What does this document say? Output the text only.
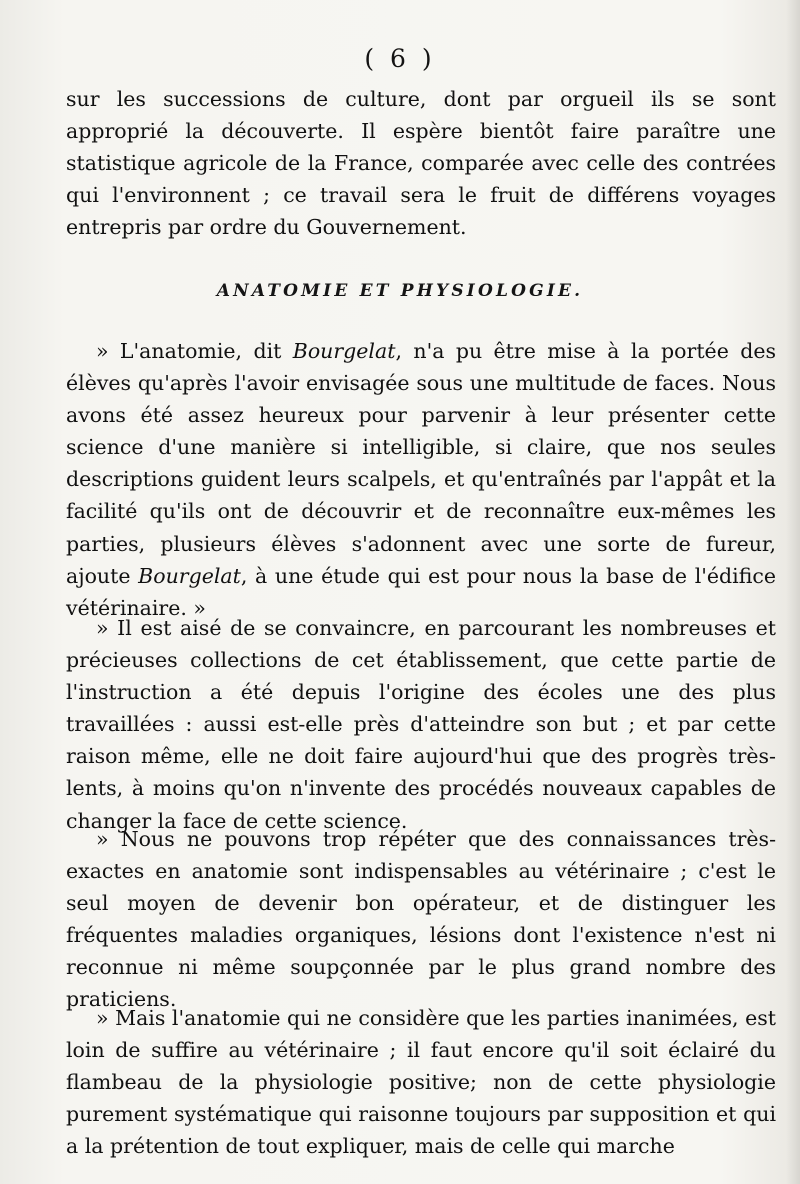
( 6 )

sur les successions de culture, dont par orgueil ils se sont approprié la découverte. Il espère bientôt faire paraître une statistique agricole de la France, comparée avec celle des contrées qui l'environnent ; ce travail sera le fruit de différens voyages entrepris par ordre du Gouvernement.

ANATOMIE ET PHYSIOLOGIE.

» L'anatomie, dit Bourgelat, n'a pu être mise à la portée des élèves qu'après l'avoir envisagée sous une multitude de faces. Nous avons été assez heureux pour parvenir à leur présenter cette science d'une manière si intelligible, si claire, que nos seules descriptions guident leurs scalpels, et qu'entraînés par l'appât et la facilité qu'ils ont de découvrir et de reconnaître eux-mêmes les parties, plusieurs élèves s'adonnent avec une sorte de fureur, ajoute Bourgelat, à une étude qui est pour nous la base de l'édifice vétérinaire. »

» Il est aisé de se convaincre, en parcourant les nombreuses et précieuses collections de cet établissement, que cette partie de l'instruction a été depuis l'origine des écoles une des plus travaillées : aussi est-elle près d'atteindre son but ; et par cette raison même, elle ne doit faire aujourd'hui que des progrès très-lents, à moins qu'on n'invente des procédés nouveaux capables de changer la face de cette science.

» Nous ne pouvons trop répéter que des connaissances très-exactes en anatomie sont indispensables au vétérinaire ; c'est le seul moyen de devenir bon opérateur, et de distinguer les fréquentes maladies organiques, lésions dont l'existence n'est ni reconnue ni même soupçonnée par le plus grand nombre des praticiens.

» Mais l'anatomie qui ne considère que les parties inanimées, est loin de suffire au vétérinaire ; il faut encore qu'il soit éclairé du flambeau de la physiologie positive; non de cette physiologie purement systématique qui raisonne toujours par supposition et qui a la prétention de tout expliquer, mais de celle qui marche
